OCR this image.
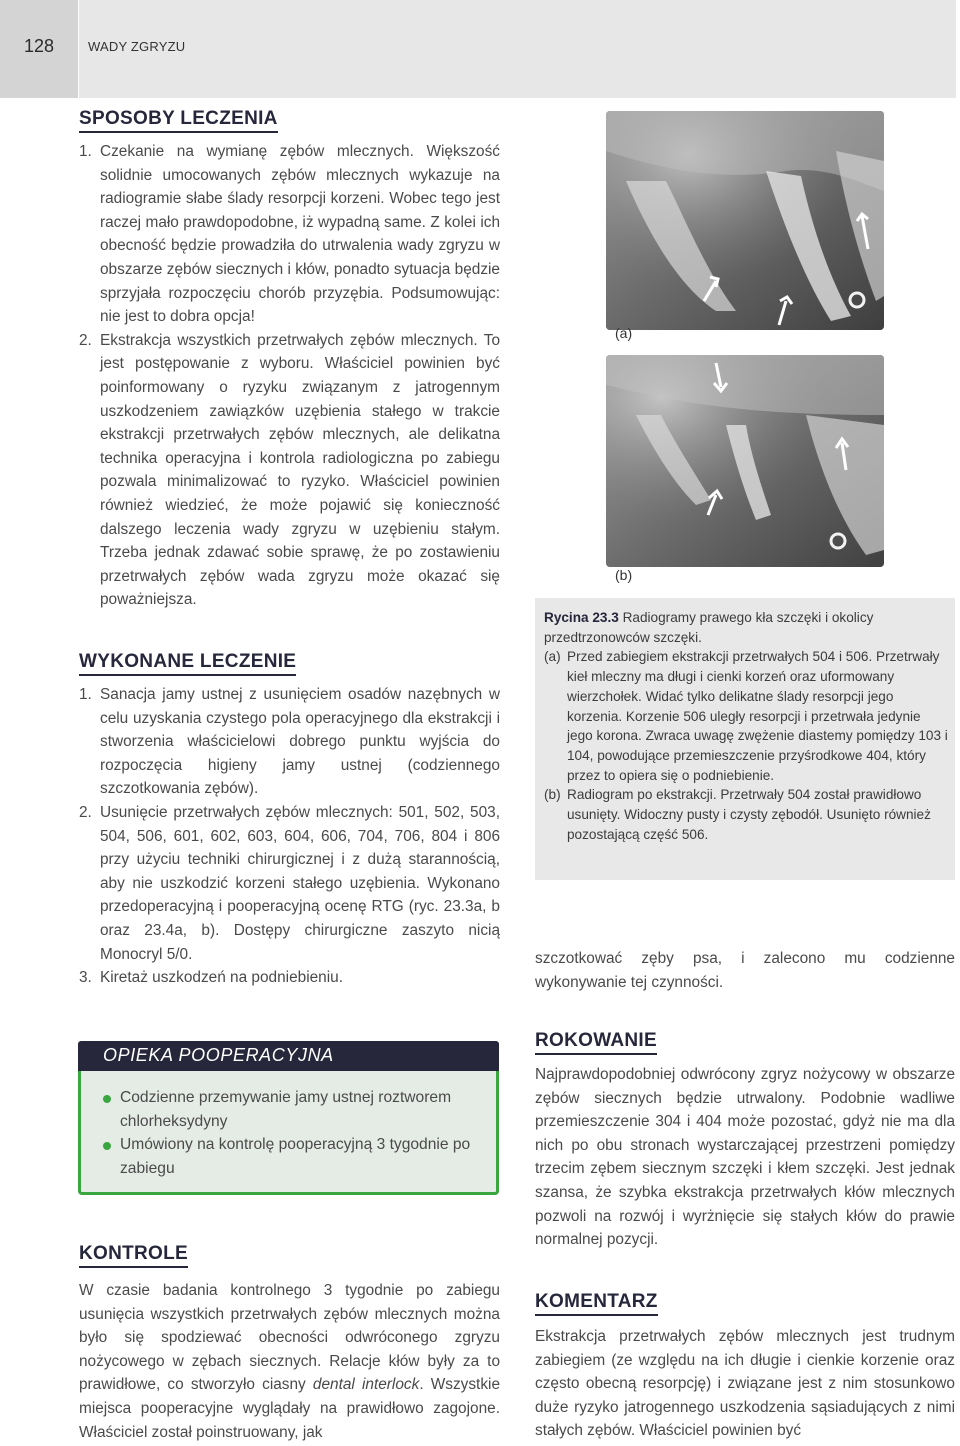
128	WADY ZGRYZU
SPOSOBY LECZENIA

1. Czekanie na wymianę zębów mlecznych. Większość solidnie umocowanych zębów mlecznych wykazuje na radiogramie słabe ślady resorpcji korzeni. Wobec tego jest raczej mało prawdopodobne, iż wypadną same. Z kolei ich obecność będzie prowadziła do utrwalenia wady zgryzu w obszarze zębów siecznych i kłów, ponadto sytuacja będzie sprzyjała rozpoczęciu chorób przyzębia. Podsumowując: nie jest to dobra opcja!

2. Ekstrakcja wszystkich przetrwałych zębów mlecznych. To jest postępowanie z wyboru. Właściciel powinien być poinformowany o ryzyku związanym z jatrogennym uszkodzeniem zawiązków uzębienia stałego w trakcie ekstrakcji przetrwałych zębów mlecznych, ale delikatna technika operacyjna i kontrola radiologiczna po zabiegu pozwala minimalizować to ryzyko. Właściciel powinien również wiedzieć, że może pojawić się konieczność dalszego leczenia wady zgryzu w uzębieniu stałym. Trzeba jednak zdawać sobie sprawę, że po zostawieniu przetrwałych zębów wada zgryzu może okazać się poważniejsza.

WYKONANE LECZENIE

1. Sanacja jamy ustnej z usunięciem osadów nazębnych w celu uzyskania czystego pola operacyjnego dla ekstrakcji i stworzenia właścicielowi dobrego punktu wyjścia do rozpoczęcia higieny jamy ustnej (codziennego szczotkowania zębów).

2. Usunięcie przetrwałych zębów mlecznych: 501, 502, 503, 504, 506, 601, 602, 603, 604, 606, 704, 706, 804 i 806 przy użyciu techniki chirurgicznej i z dużą starannością, aby nie uszkodzić korzeni stałego uzębienia. Wykonano przedoperacyjną i pooperacyjną ocenę RTG (ryc. 23.3a, b oraz 23.4a, b). Dostępy chirurgiczne zaszyto nicią Monocryl 5/0.

3. Kiretaż uszkodzeń na podniebieniu.

(a)
(b)

Rycina 23.3 Radiogramy prawego kła szczęki i okolicy przedtrzonowców szczęki.

(a) Przed zabiegiem ekstrakcji przetrwałych 504 i 506. Przetrwały kieł mleczny ma długi i cienki korzeń oraz uformowany wierzchołek. Widać tylko delikatne ślady resorpcji jego korzenia. Korzenie 506 uległy resorpcji i przetrwała jedynie jego korona. Zwraca uwagę zwężenie diastemy pomiędzy 103 i 104, powodujące przemieszczenie przyśrodkowe 404, który przez to opiera się o podniebienie.

(b) Radiogram po ekstrakcji. Przetrwały 504 został prawidłowo usunięty. Widoczny pusty i czysty zębodół. Usunięto również pozostającą część 506.

szczotkować zęby psa, i zalecono mu codzienne wykonywanie tej czynności.
OPIEKA POOPERACYJNA

Codzienne przemywanie jamy ustnej roztworem chlorheksydyny

Umówiony na kontrolę pooperacyjną 3 tygodnie po zabiegu

KONTROLE
W czasie badania kontrolnego 3 tygodnie po zabiegu usunięcia wszystkich przetrwałych zębów mlecznych można było się spodziewać obecności odwróconego zgryzu nożycowego w zębach siecznych. Relacje kłów były za to prawidłowe, co stworzyło ciasny dental interlock. Wszystkie miejsca pooperacyjne wyglądały na prawidłowo zagojone. Właściciel został poinstruowany, jak
ROKOWANIE
Najprawdopodobniej odwrócony zgryz nożycowy w obszarze zębów siecznych będzie utrwalony. Podobnie wadliwe przemieszczenie 304 i 404 może pozostać, gdyż nie ma dla nich po obu stronach wystarczającej przestrzeni pomiędzy trzecim zębem siecznym szczęki i kłem szczęki. Jest jednak szansa, że szybka ekstrakcja przetrwałych kłów mlecznych pozwoli na rozwój i wyrżnięcie się stałych kłów do prawie normalnej pozycji.
KOMENTARZ
Ekstrakcja przetrwałych zębów mlecznych jest trudnym zabiegiem (ze względu na ich długie i cienkie korzenie oraz często obecną resorpcję) i związane jest z nim stosunkowo duże ryzyko jatrogennego uszkodzenia sąsiadujących z nimi stałych zębów. Właściciel powinien być
